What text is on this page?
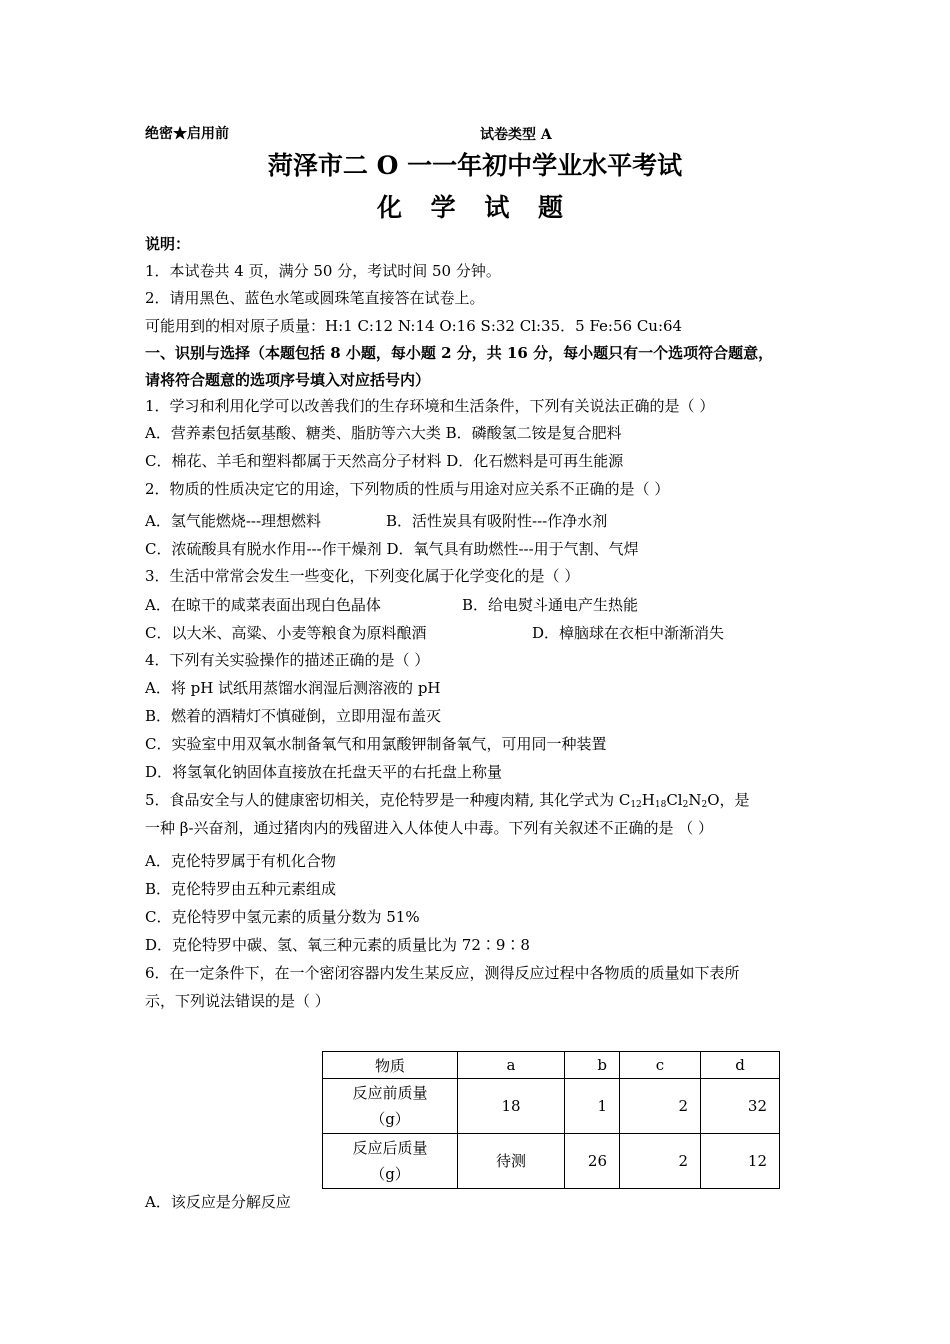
绝密★启用前	试卷类型 A
菏泽市二 O 一一年初中学业水平考试
化 学 试 题
说明：
1．本试卷共 4 页，满分 50 分，考试时间 50 分钟。
2．请用黑色、蓝色水笔或圆珠笔直接答在试卷上。
可能用到的相对原子质量：H:1 C:12 N:14 O:16 S:32 Cl:35．5 Fe:56 Cu:64
一、识别与选择（本题包括 8 小题，每小题 2 分，共 16 分，每小题只有一个选项符合题意，
请将符合题意的选项序号填入对应括号内）
1．学习和利用化学可以改善我们的生存环境和生活条件，下列有关说法正确的是（ ）
A．营养素包括氨基酸、糖类、脂肪等六大类 B．磷酸氢二铵是复合肥料
C．棉花、羊毛和塑料都属于天然高分子材料 D．化石燃料是可再生能源
2．物质的性质决定它的用途，下列物质的性质与用途对应关系不正确的是（ ）
A．氢气能燃烧---理想燃料	B．活性炭具有吸附性---作净水剂
C．浓硫酸具有脱水作用---作干燥剂 D．氧气具有助燃性---用于气割、气焊
3．生活中常常会发生一些变化，下列变化属于化学变化的是（ ）
A．在晾干的咸菜表面出现白色晶体	B．给电熨斗通电产生热能
C．以大米、高粱、小麦等粮食为原料酿酒	D．樟脑球在衣柜中渐渐消失
4．下列有关实验操作的描述正确的是（ ）
A．将 pH 试纸用蒸馏水润湿后测溶液的 pH
B．燃着的酒精灯不慎碰倒，立即用湿布盖灭
C．实验室中用双氧水制备氧气和用氯酸钾制备氧气，可用同一种装置
D．将氢氧化钠固体直接放在托盘天平的右托盘上称量
5．食品安全与人的健康密切相关，克伦特罗是一种瘦肉精, 其化学式为 $C_{12}H_{18}Cl_2N_2O$，是
一种 β-兴奋剂，通过猪肉内的残留进入人体使人中毒。下列有关叙述不正确的是 （ ）
A．克伦特罗属于有机化合物
B．克伦特罗由五种元素组成
C．克伦特罗中氢元素的质量分数为 51%
D．克伦特罗中碳、氢、氧三种元素的质量比为 72∶9∶8
6．在一定条件下，在一个密闭容器内发生某反应，测得反应过程中各物质的质量如下表所
示，下列说法错误的是（ ）
物质	a	b	c	d

反应前质量
（g）	18	1	2	32

反应后质量
（g）	待测	26	2	12
A．该反应是分解反应
